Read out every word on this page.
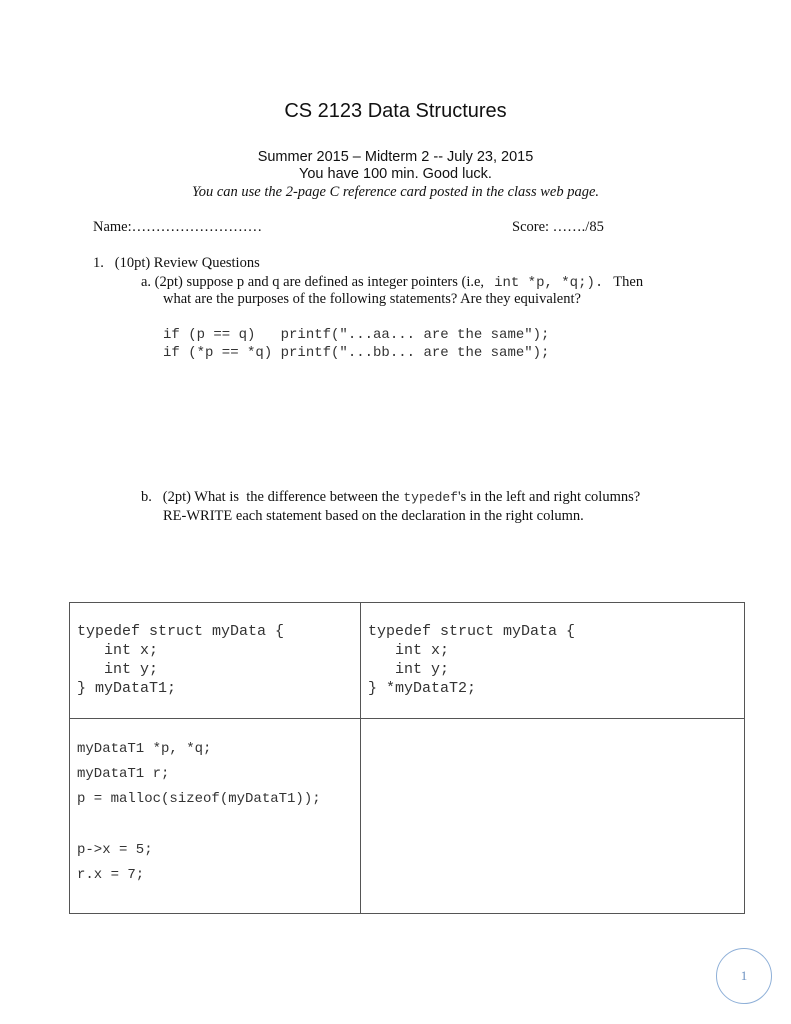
CS 2123 Data Structures
Summer 2015 – Midterm 2 -- July 23, 2015
You have 100 min. Good luck.
You can use the 2-page C reference card posted in the class web page.
Name:………………………	Score: ……./85
1.   (10pt) Review Questions
a. (2pt) suppose p and q are defined as integer pointers (i.e, int *p, *q;). Then
what are the purposes of the following statements? Are they equivalent?
if (p == q)   printf("...aa... are the same");
if (*p == *q) printf("...bb... are the same");
b.   (2pt) What is  the difference between the typedef's in the left and right columns?
RE-WRITE each statement based on the declaration in the right column.
typedef struct myData {
int x;
int y;
} myDataT1;
typedef struct myData {
int x;
int y;
} *myDataT2;
myDataT1 *p, *q;
myDataT1 r;
p = malloc(sizeof(myDataT1));
p->x = 5;
r.x = 7;
1
